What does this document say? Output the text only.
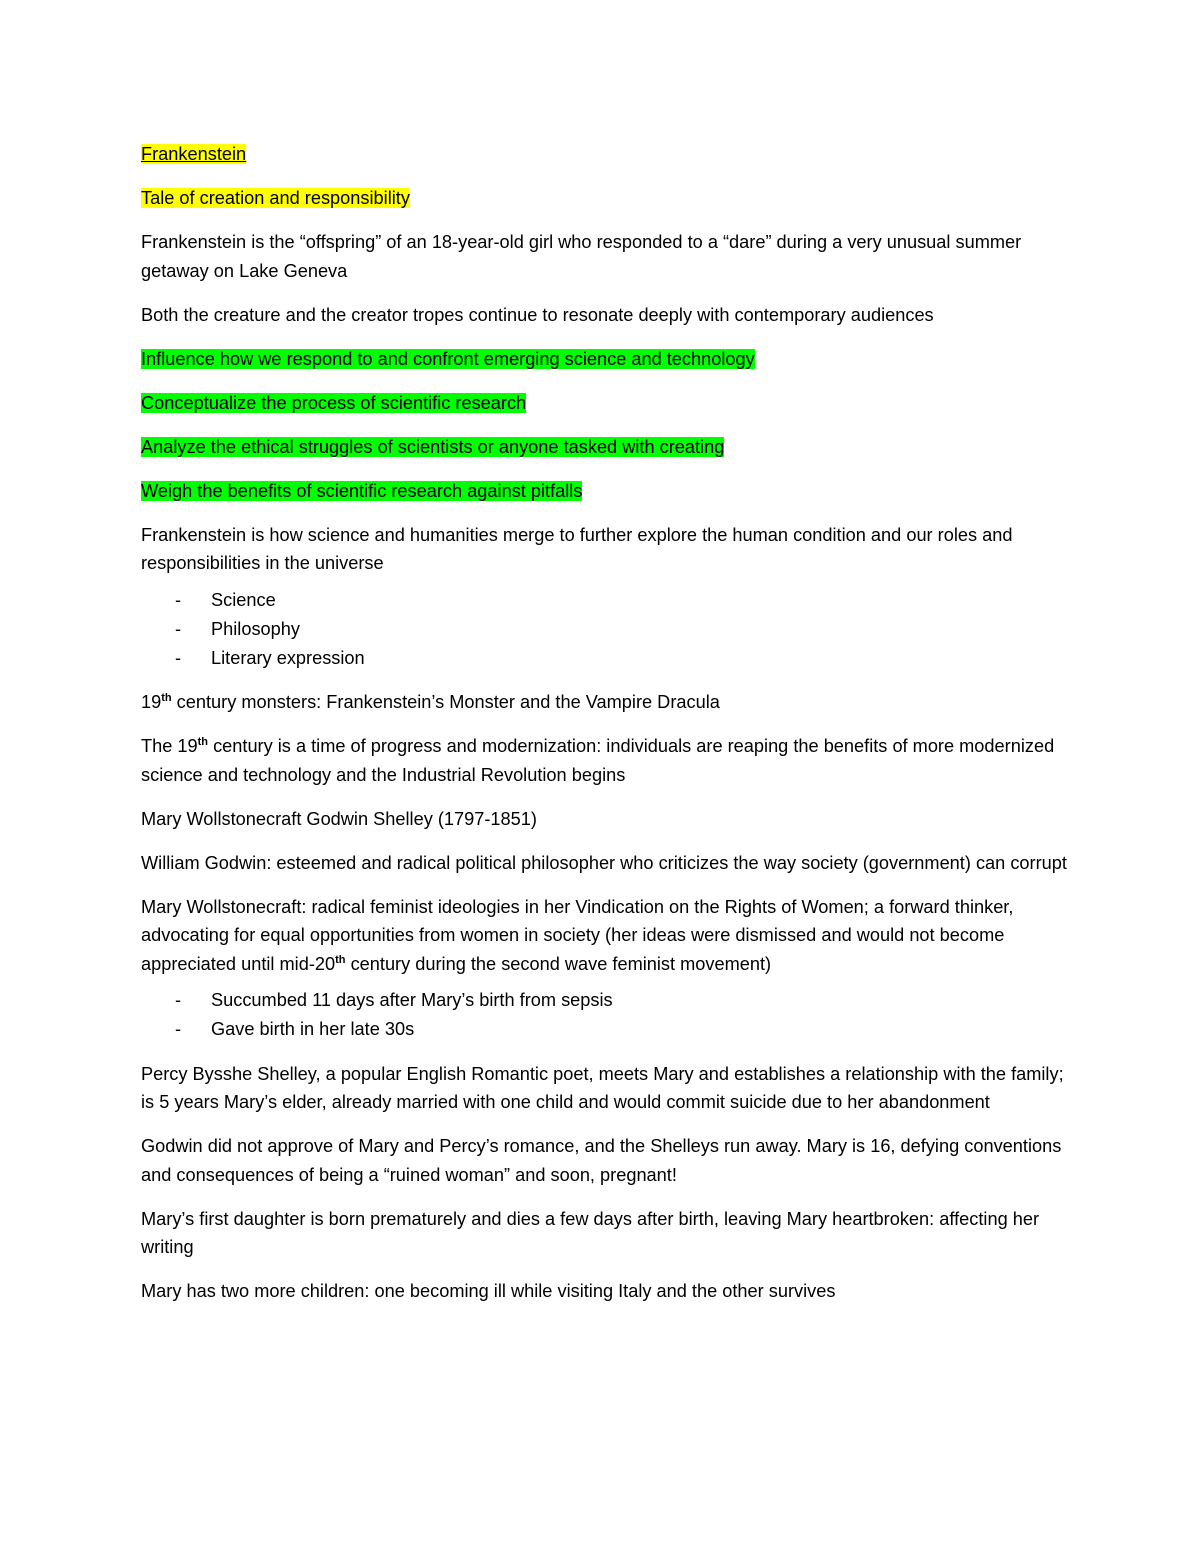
Frankenstein

Tale of creation and responsibility

Frankenstein is the “offspring” of an 18-year-old girl who responded to a “dare” during a very unusual summer getaway on Lake Geneva

Both the creature and the creator tropes continue to resonate deeply with contemporary audiences

Influence how we respond to and confront emerging science and technology

Conceptualize the process of scientific research

Analyze the ethical struggles of scientists or anyone tasked with creating

Weigh the benefits of scientific research against pitfalls

Frankenstein is how science and humanities merge to further explore the human condition and our roles and responsibilities in the universe

- Science
- Philosophy
- Literary expression

19th century monsters: Frankenstein’s Monster and the Vampire Dracula

The 19th century is a time of progress and modernization: individuals are reaping the benefits of more modernized science and technology and the Industrial Revolution begins

Mary Wollstonecraft Godwin Shelley (1797-1851)

William Godwin: esteemed and radical political philosopher who criticizes the way society (government) can corrupt

Mary Wollstonecraft: radical feminist ideologies in her Vindication on the Rights of Women; a forward thinker, advocating for equal opportunities from women in society (her ideas were dismissed and would not become appreciated until mid-20th century during the second wave feminist movement)

- Succumbed 11 days after Mary’s birth from sepsis
- Gave birth in her late 30s

Percy Bysshe Shelley, a popular English Romantic poet, meets Mary and establishes a relationship with the family; is 5 years Mary’s elder, already married with one child and would commit suicide due to her abandonment

Godwin did not approve of Mary and Percy’s romance, and the Shelleys run away. Mary is 16, defying conventions and consequences of being a “ruined woman” and soon, pregnant!

Mary’s first daughter is born prematurely and dies a few days after birth, leaving Mary heartbroken: affecting her writing

Mary has two more children: one becoming ill while visiting Italy and the other survives
